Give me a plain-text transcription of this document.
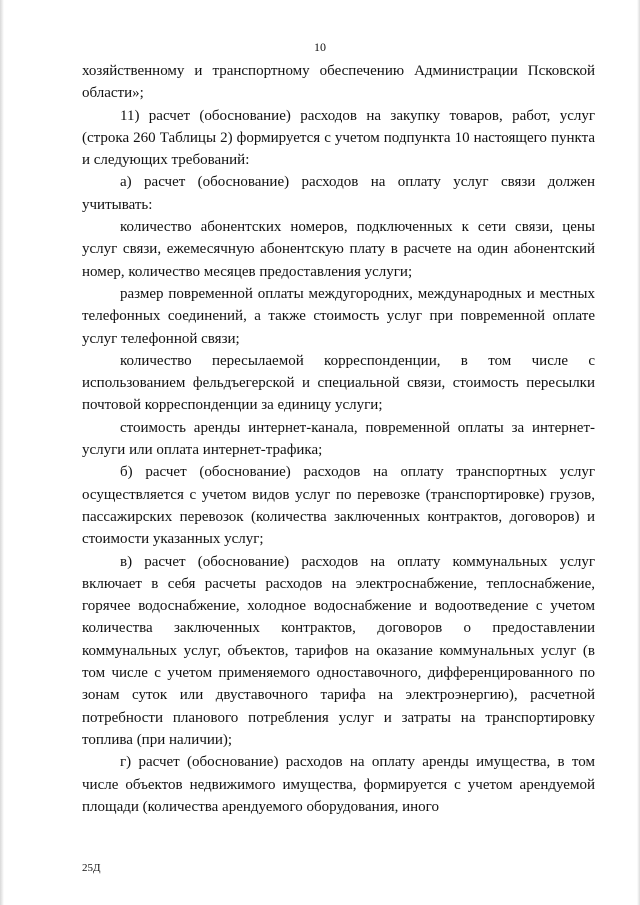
10

хозяйственному и транспортному обеспечению Администрации Псковской области»;

11) расчет (обоснование) расходов на закупку товаров, работ, услуг (строка 260 Таблицы 2) формируется с учетом подпункта 10 настоящего пункта и следующих требований:

а) расчет (обоснование) расходов на оплату услуг связи должен учитывать:

количество абонентских номеров, подключенных к сети связи, цены услуг связи, ежемесячную абонентскую плату в расчете на один абонентский номер, количество месяцев предоставления услуги;

размер повременной оплаты междугородних, международных и местных телефонных соединений, а также стоимость услуг при повременной оплате услуг телефонной связи;

количество пересылаемой корреспонденции, в том числе с использованием фельдъегерской и специальной связи, стоимость пересылки почтовой корреспонденции за единицу услуги;

стоимость аренды интернет-канала, повременной оплаты за интернет-услуги или оплата интернет-трафика;

б) расчет (обоснование) расходов на оплату транспортных услуг осуществляется с учетом видов услуг по перевозке (транспортировке) грузов, пассажирских перевозок (количества заключенных контрактов, договоров) и стоимости указанных услуг;

в) расчет (обоснование) расходов на оплату коммунальных услуг включает в себя расчеты расходов на электроснабжение, теплоснабжение, горячее водоснабжение, холодное водоснабжение и водоотведение с учетом количества заключенных контрактов, договоров о предоставлении коммунальных услуг, объектов, тарифов на оказание коммунальных услуг (в том числе с учетом применяемого одноставочного, дифференцированного по зонам суток или двуставочного тарифа на электроэнергию), расчетной потребности планового потребления услуг и затраты на транспортировку топлива (при наличии);

г) расчет (обоснование) расходов на оплату аренды имущества, в том числе объектов недвижимого имущества, формируется с учетом арендуемой площади (количества арендуемого оборудования, иного

25Д
